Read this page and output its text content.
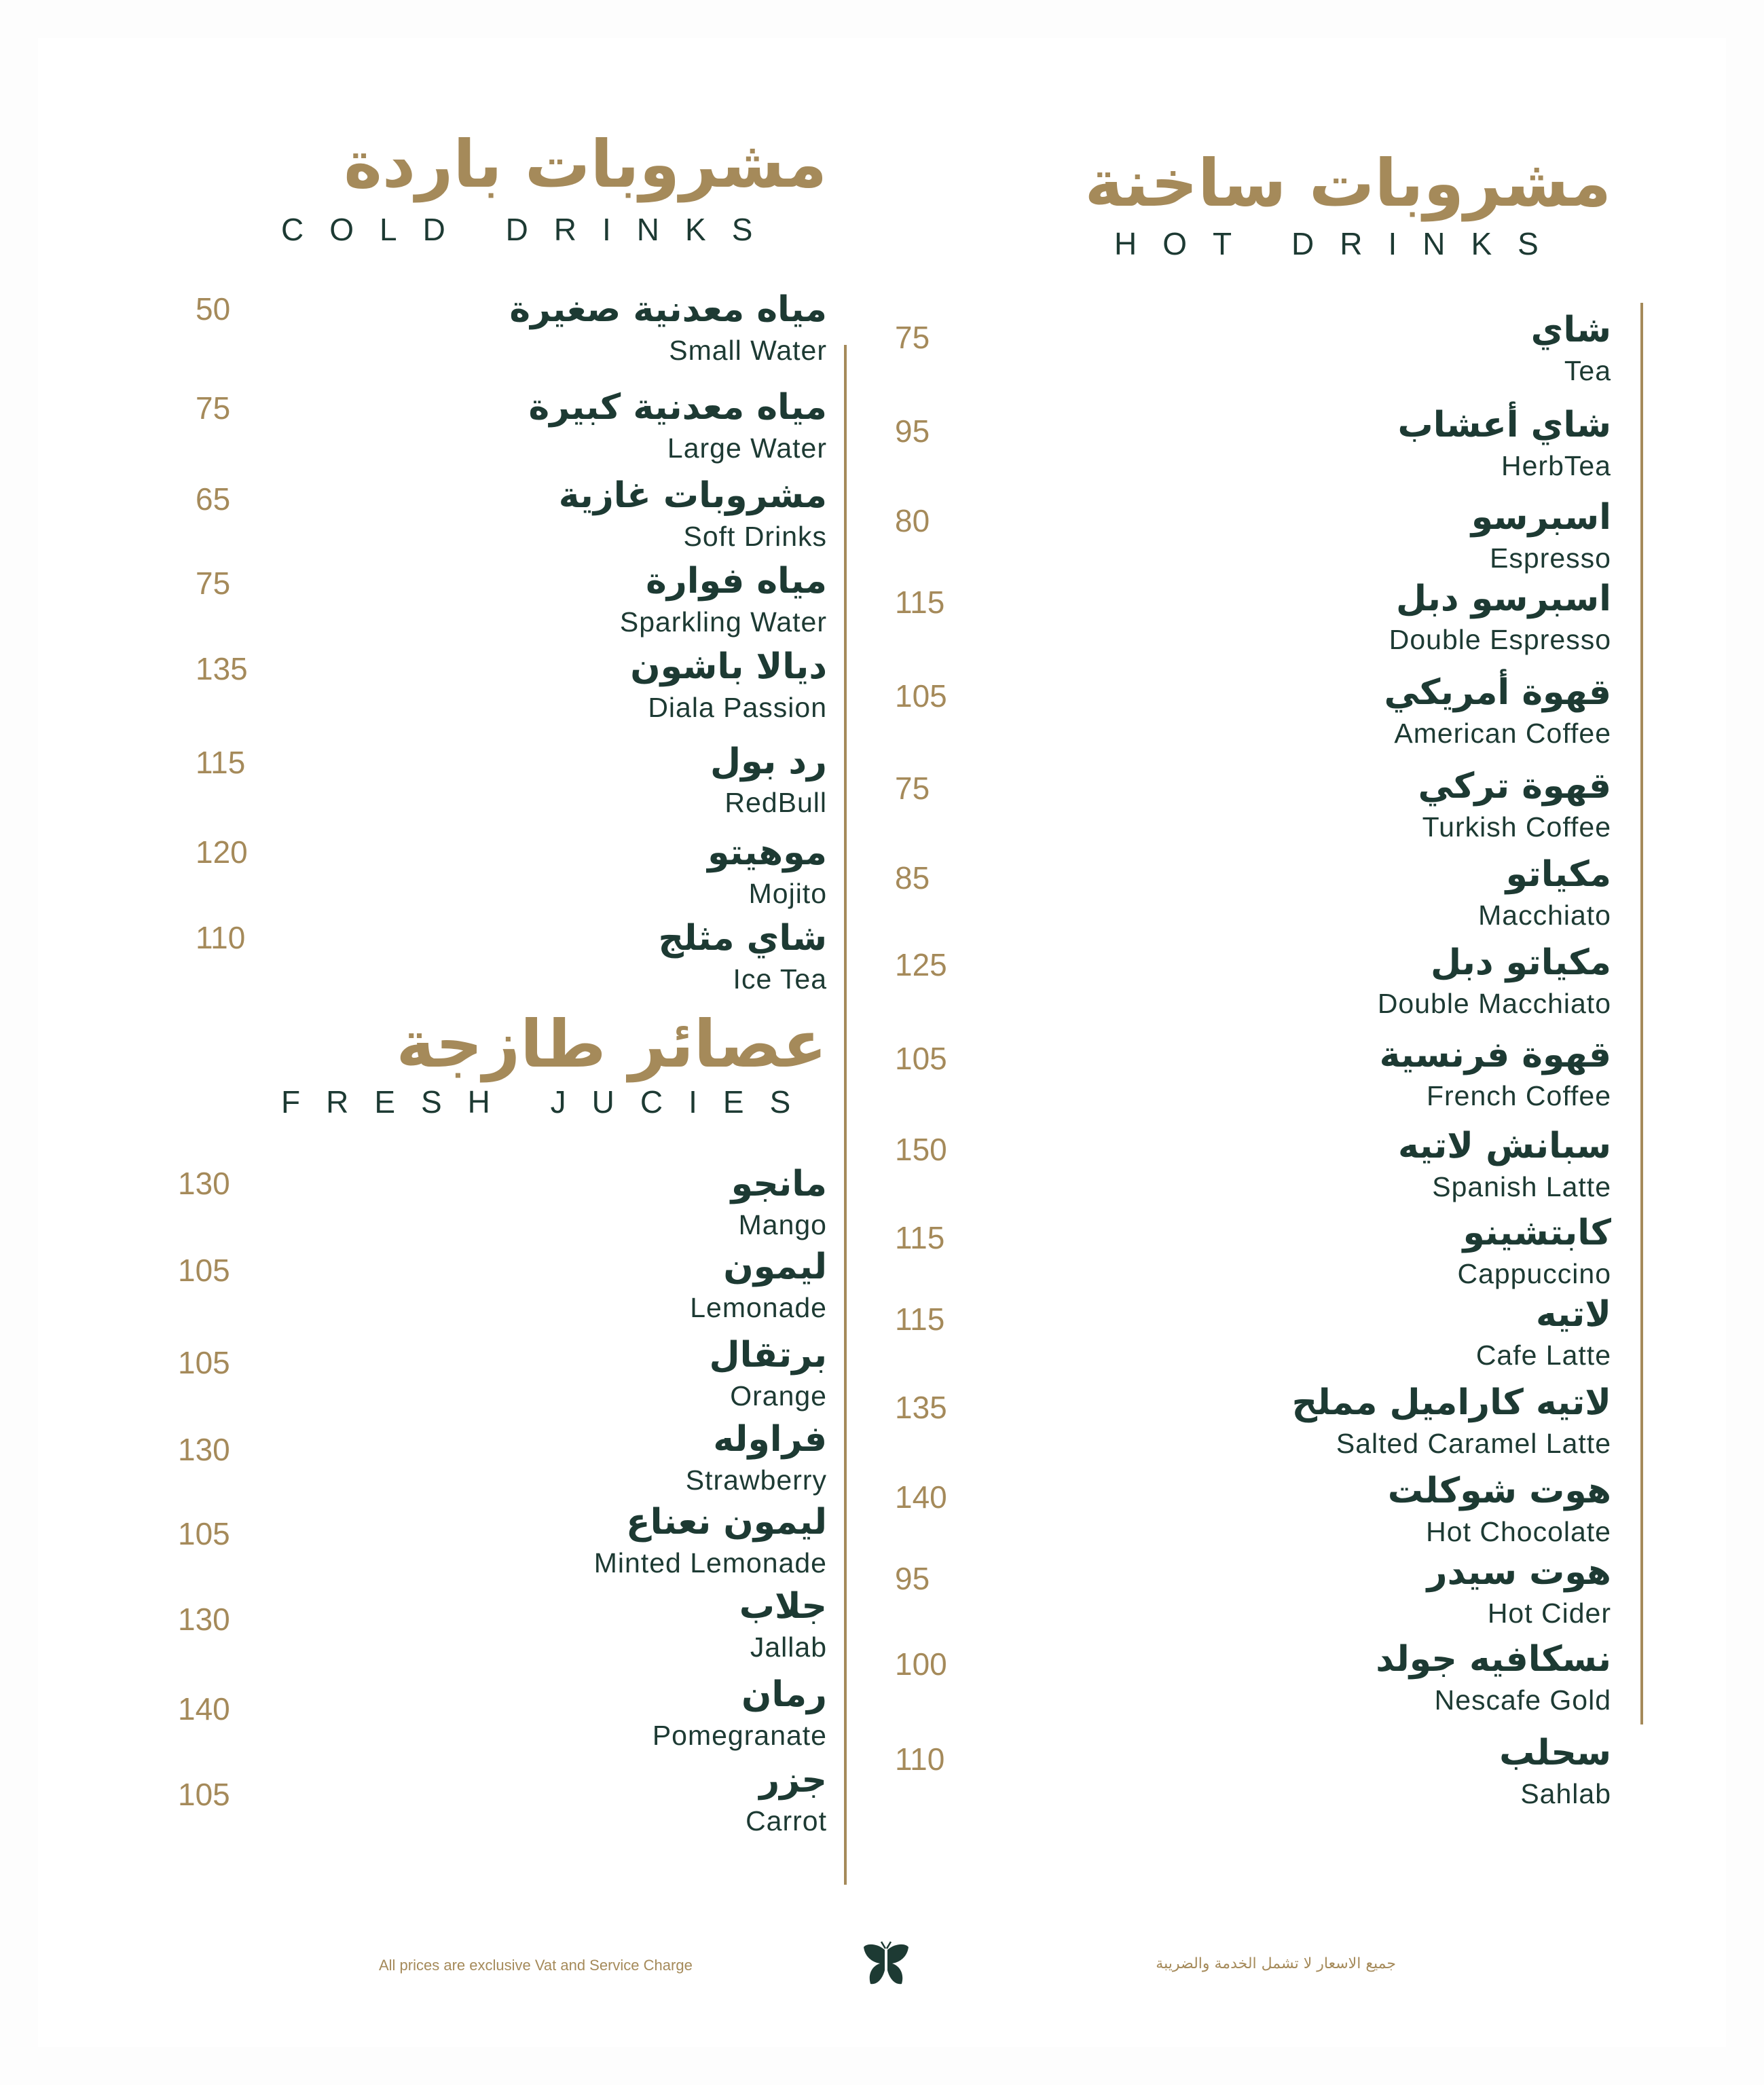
مشروبات ساخنة
HOT DRINKS
مشروبات باردة
COLD DRINKS
عصائر طازجة
FRESH JUCIES
شاي
Tea
75
شاي أعشاب
HerbTea
95
اسبرسو
Espresso
80
اسبرسو دبل
Double Espresso
115
قهوة أمريكي
American Coffee
105
قهوة تركي
Turkish Coffee
75
مكياتو
Macchiato
85
مكياتو دبل
Double Macchiato
125
قهوة فرنسية
French Coffee
105
سبانش لاتيه
Spanish Latte
150
كابتشينو
Cappuccino
115
لاتيه
Cafe Latte
115
لاتيه كاراميل مملح
Salted Caramel Latte
135
هوت شوكلت
Hot Chocolate
140
هوت سيدر
Hot Cider
95
نسكافيه جولد
Nescafe Gold
100
سحلب
Sahlab
110
مياه معدنية صغيرة
Small Water
50
مياه معدنية كبيرة
Large Water
75
مشروبات غازية
Soft Drinks
65
مياه فوارة
Sparkling Water
75
ديالا باشون
Diala Passion
135
رد بول
RedBull
115
موهيتو
Mojito
120
شاي مثلج
Ice Tea
110
مانجو
Mango
130
ليمون
Lemonade
105
برتقال
Orange
105
فراوله
Strawberry
130
ليمون نعناع
Minted Lemonade
105
جلاب
Jallab
130
رمان
Pomegranate
140
جزر
Carrot
105
All prices are exclusive Vat and Service Charge	جميع الاسعار لا تشمل الخدمة والضريبة
